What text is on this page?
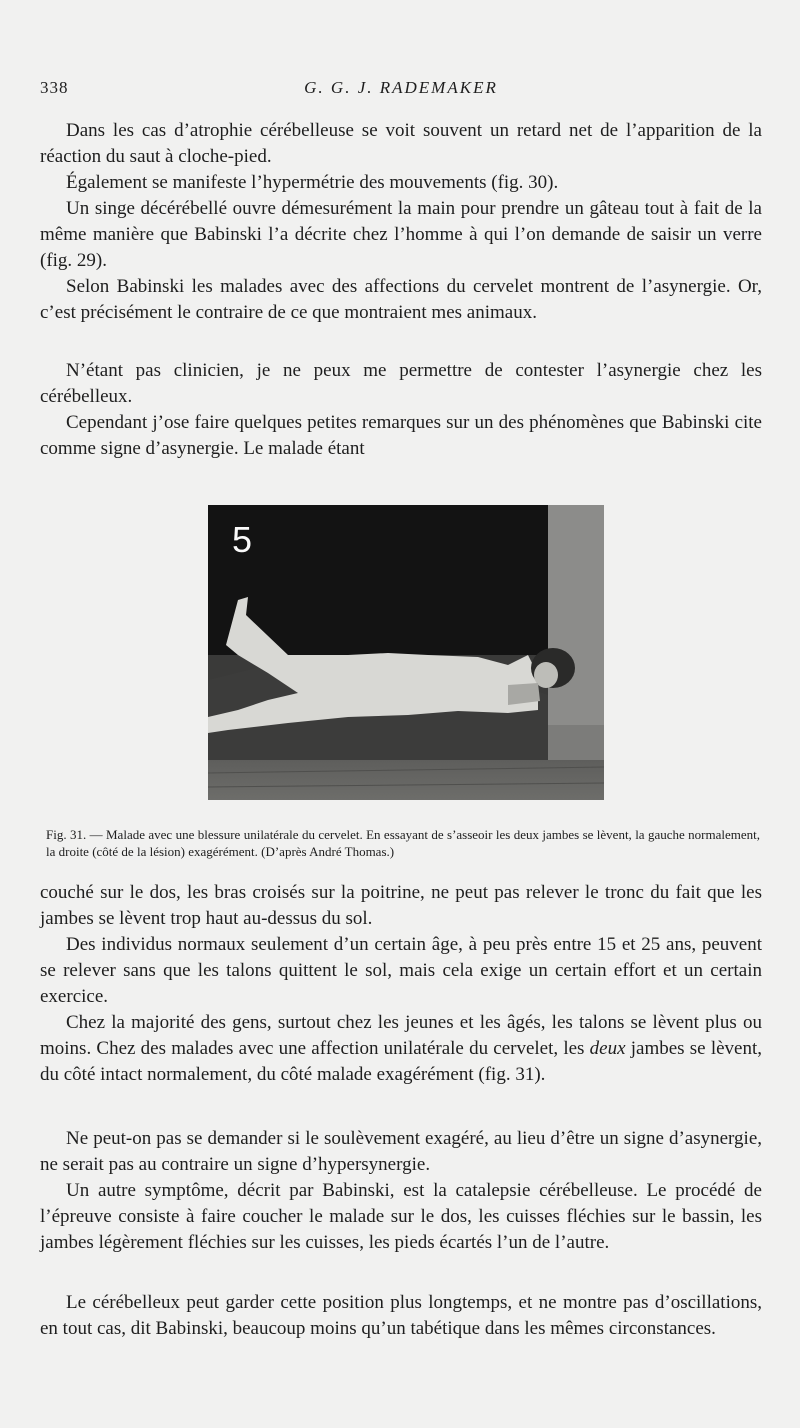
338	G. G. J. RADEMAKER

Dans les cas d’atrophie cérébelleuse se voit souvent un retard net de l’apparition de la réaction du saut à cloche-pied.

Également se manifeste l’hypermétrie des mouvements (fig. 30).

Un singe décérébellé ouvre démesurément la main pour prendre un gâteau tout à fait de la même manière que Babinski l’a décrite chez l’homme à qui l’on demande de saisir un verre (fig. 29).

Selon Babinski les malades avec des affections du cervelet montrent de l’asynergie. Or, c’est précisément le contraire de ce que montraient mes animaux.

N’étant pas clinicien, je ne peux me permettre de contester l’asynergie chez les cérébelleux.

Cependant j’ose faire quelques petites remarques sur un des phénomènes que Babinski cite comme signe d’asynergie. Le malade étant

5

Fig. 31. — Malade avec une blessure unilatérale du cervelet. En essayant de s’asseoir les deux jambes se lèvent, la gauche normalement, la droite (côté de la lésion) exagérément. (D’après André Thomas.)

couché sur le dos, les bras croisés sur la poitrine, ne peut pas relever le tronc du fait que les jambes se lèvent trop haut au-dessus du sol.

Des individus normaux seulement d’un certain âge, à peu près entre 15 et 25 ans, peuvent se relever sans que les talons quittent le sol, mais cela exige un certain effort et un certain exercice.

Chez la majorité des gens, surtout chez les jeunes et les âgés, les talons se lèvent plus ou moins. Chez des malades avec une affection unilatérale du cervelet, les deux jambes se lèvent, du côté intact normalement, du côté malade exagérément (fig. 31).

Ne peut-on pas se demander si le soulèvement exagéré, au lieu d’être un signe d’asynergie, ne serait pas au contraire un signe d’hypersynergie.

Un autre symptôme, décrit par Babinski, est la catalepsie cérébelleuse. Le procédé de l’épreuve consiste à faire coucher le malade sur le dos, les cuisses fléchies sur le bassin, les jambes légèrement fléchies sur les cuisses, les pieds écartés l’un de l’autre.

Le cérébelleux peut garder cette position plus longtemps, et ne montre pas d’oscillations, en tout cas, dit Babinski, beaucoup moins qu’un tabétique dans les mêmes circonstances.
